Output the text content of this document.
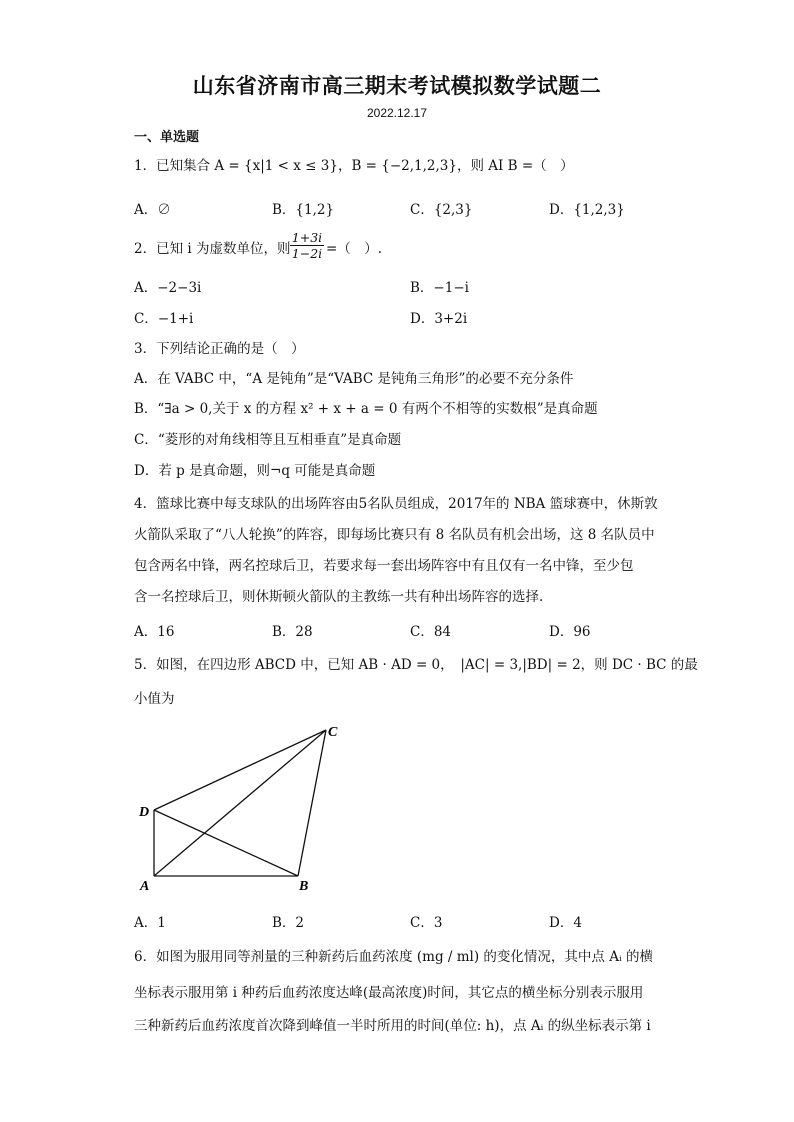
山东省济南市高三期末考试模拟数学试题二
2022.12.17
一、单选题
1．已知集合 A = {x|1 < x ≤ 3}，B = {−2,1,2,3}，则 AI B =（　）
A．∅	B．{1,2}	C．{2,3}	D．{1,2,3}
2．已知 i 为虚数单位，则 $\frac{1+3i}{1-2i}$ =（　）.
A．−2−3i	B．−1−i
C．−1+i	D．3+2i
3．下列结论正确的是（　）
A．在 VABC 中，“A 是钝角”是“VABC 是钝角三角形”的必要不充分条件
B．“∃a > 0,关于 x 的方程 x² + x + a = 0 有两个不相等的实数根”是真命题
C．“菱形的对角线相等且互相垂直”是真命题
D．若 p 是真命题，则¬q 可能是真命题
4．篮球比赛中每支球队的出场阵容由5名队员组成，2017年的 NBA 篮球赛中，休斯敦
火箭队采取了“八人轮换”的阵容，即每场比赛只有 8 名队员有机会出场，这 8 名队员中
包含两名中锋，两名控球后卫，若要求每一套出场阵容中有且仅有一名中锋，至少包
含一名控球后卫，则休斯顿火箭队的主教练一共有种出场阵容的选择.
A．16	B．28	C．84	D．96
5．如图，在四边形 ABCD 中，已知 AB · AD = 0，　|AC| = 3,|BD| = 2，则 DC · BC 的最
小值为
A	B
C
D
A．1	B．2	C．3	D．4
6．如图为服用同等剂量的三种新药后血药浓度 (mg / ml) 的变化情况，其中点 Aᵢ 的横
坐标表示服用第 i 种药后血药浓度达峰(最高浓度)时间，其它点的横坐标分别表示服用
三种新药后血药浓度首次降到峰值一半时所用的时间(单位: h)，点 Aᵢ 的纵坐标表示第 i
